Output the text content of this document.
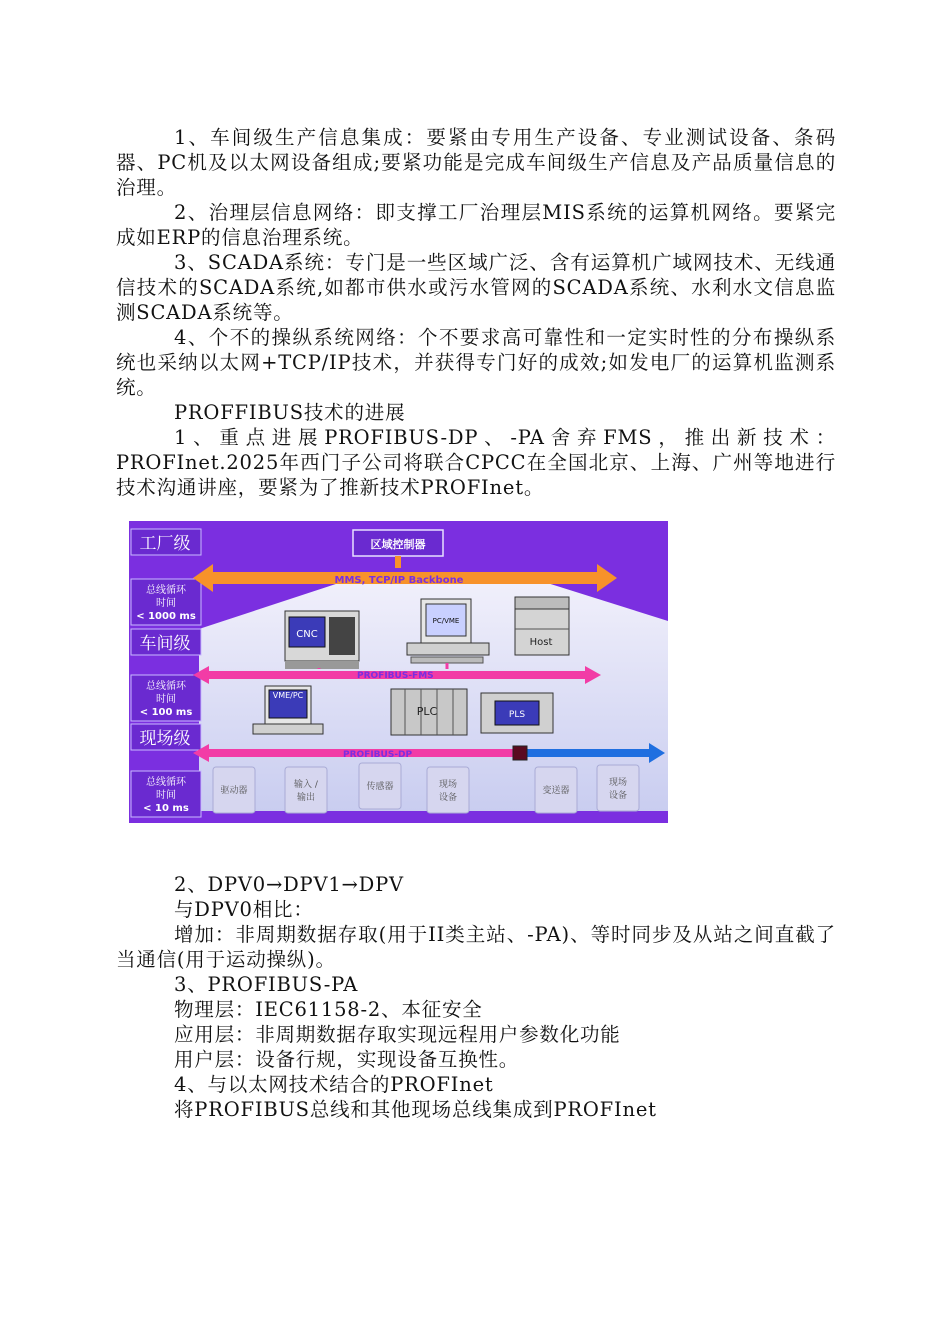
1、车间级生产信息集成：要紧由专用生产设备、专业测试设备、条码器、PC机及以太网设备组成;要紧功能是完成车间级生产信息及产品质量信息的治理。

2、治理层信息网络：即支撑工厂治理层MIS系统的运算机网络。要紧完成如ERP的信息治理系统。

3、SCADA系统：专门是一些区域广泛、含有运算机广域网技术、无线通信技术的SCADA系统,如都市供水或污水管网的SCADA系统、水利水文信息监测SCADA系统等。

4、个不的操纵系统网络：个不要求高可靠性和一定实时性的分布操纵系统也采纳以太网+TCP/IP技术，并获得专门好的成效;如发电厂的运算机监测系统。

PROFFIBUS技术的进展

1、重点进展PROFIBUS-DP、-PA舍弃FMS，推出新技术：PROFInet.2025年西门子公司将联合CPCC在全国北京、上海、广州等地进行技术沟通讲座，要紧为了推新技术PROFInet。

工厂级
总线循环
时间
< 1000 ms
车间级
总线循环
时间
< 100 ms
现场级
总线循环
时间
< 10 ms
区域控制器
MMS, TCP/IP Backbone
CNC
PC/VME
Host
PROFIBUS-FMS
VME/PC
PLC	PLS
PROFIBUS-DP
驱动器
输入 /
输出
传感器	现场
设备
变送器
现场
设备

2、DPV0→DPV1→DPV

与DPV0相比：

增加：非周期数据存取(用于II类主站、-PA)、等时同步及从站之间直截了当通信(用于运动操纵)。

3、PROFIBUS-PA

物理层：IEC61158-2、本征安全

应用层：非周期数据存取实现远程用户参数化功能

用户层：设备行规，实现设备互换性。

4、与以太网技术结合的PROFInet

将PROFIBUS总线和其他现场总线集成到PROFInet
